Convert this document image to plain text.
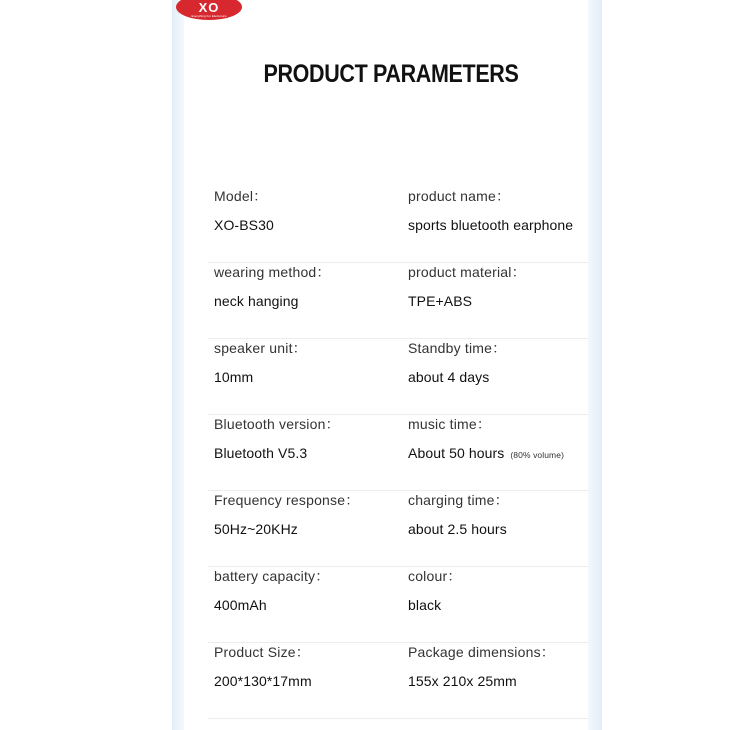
XO
Everything For Electronics
PRODUCT PARAMETERS
Model：
XO-BS30
product name：
sports bluetooth earphone
wearing method：
neck hanging
product material：
TPE+ABS
speaker unit：
10mm
Standby time：
about 4 days
Bluetooth version：
Bluetooth V5.3
music time：
About 50 hours (80% volume)
Frequency response：
50Hz~20KHz
charging time：
about 2.5 hours
battery capacity：
400mAh
colour：
black
Product Size：
200*130*17mm
Package dimensions：
155x 210x 25mm
